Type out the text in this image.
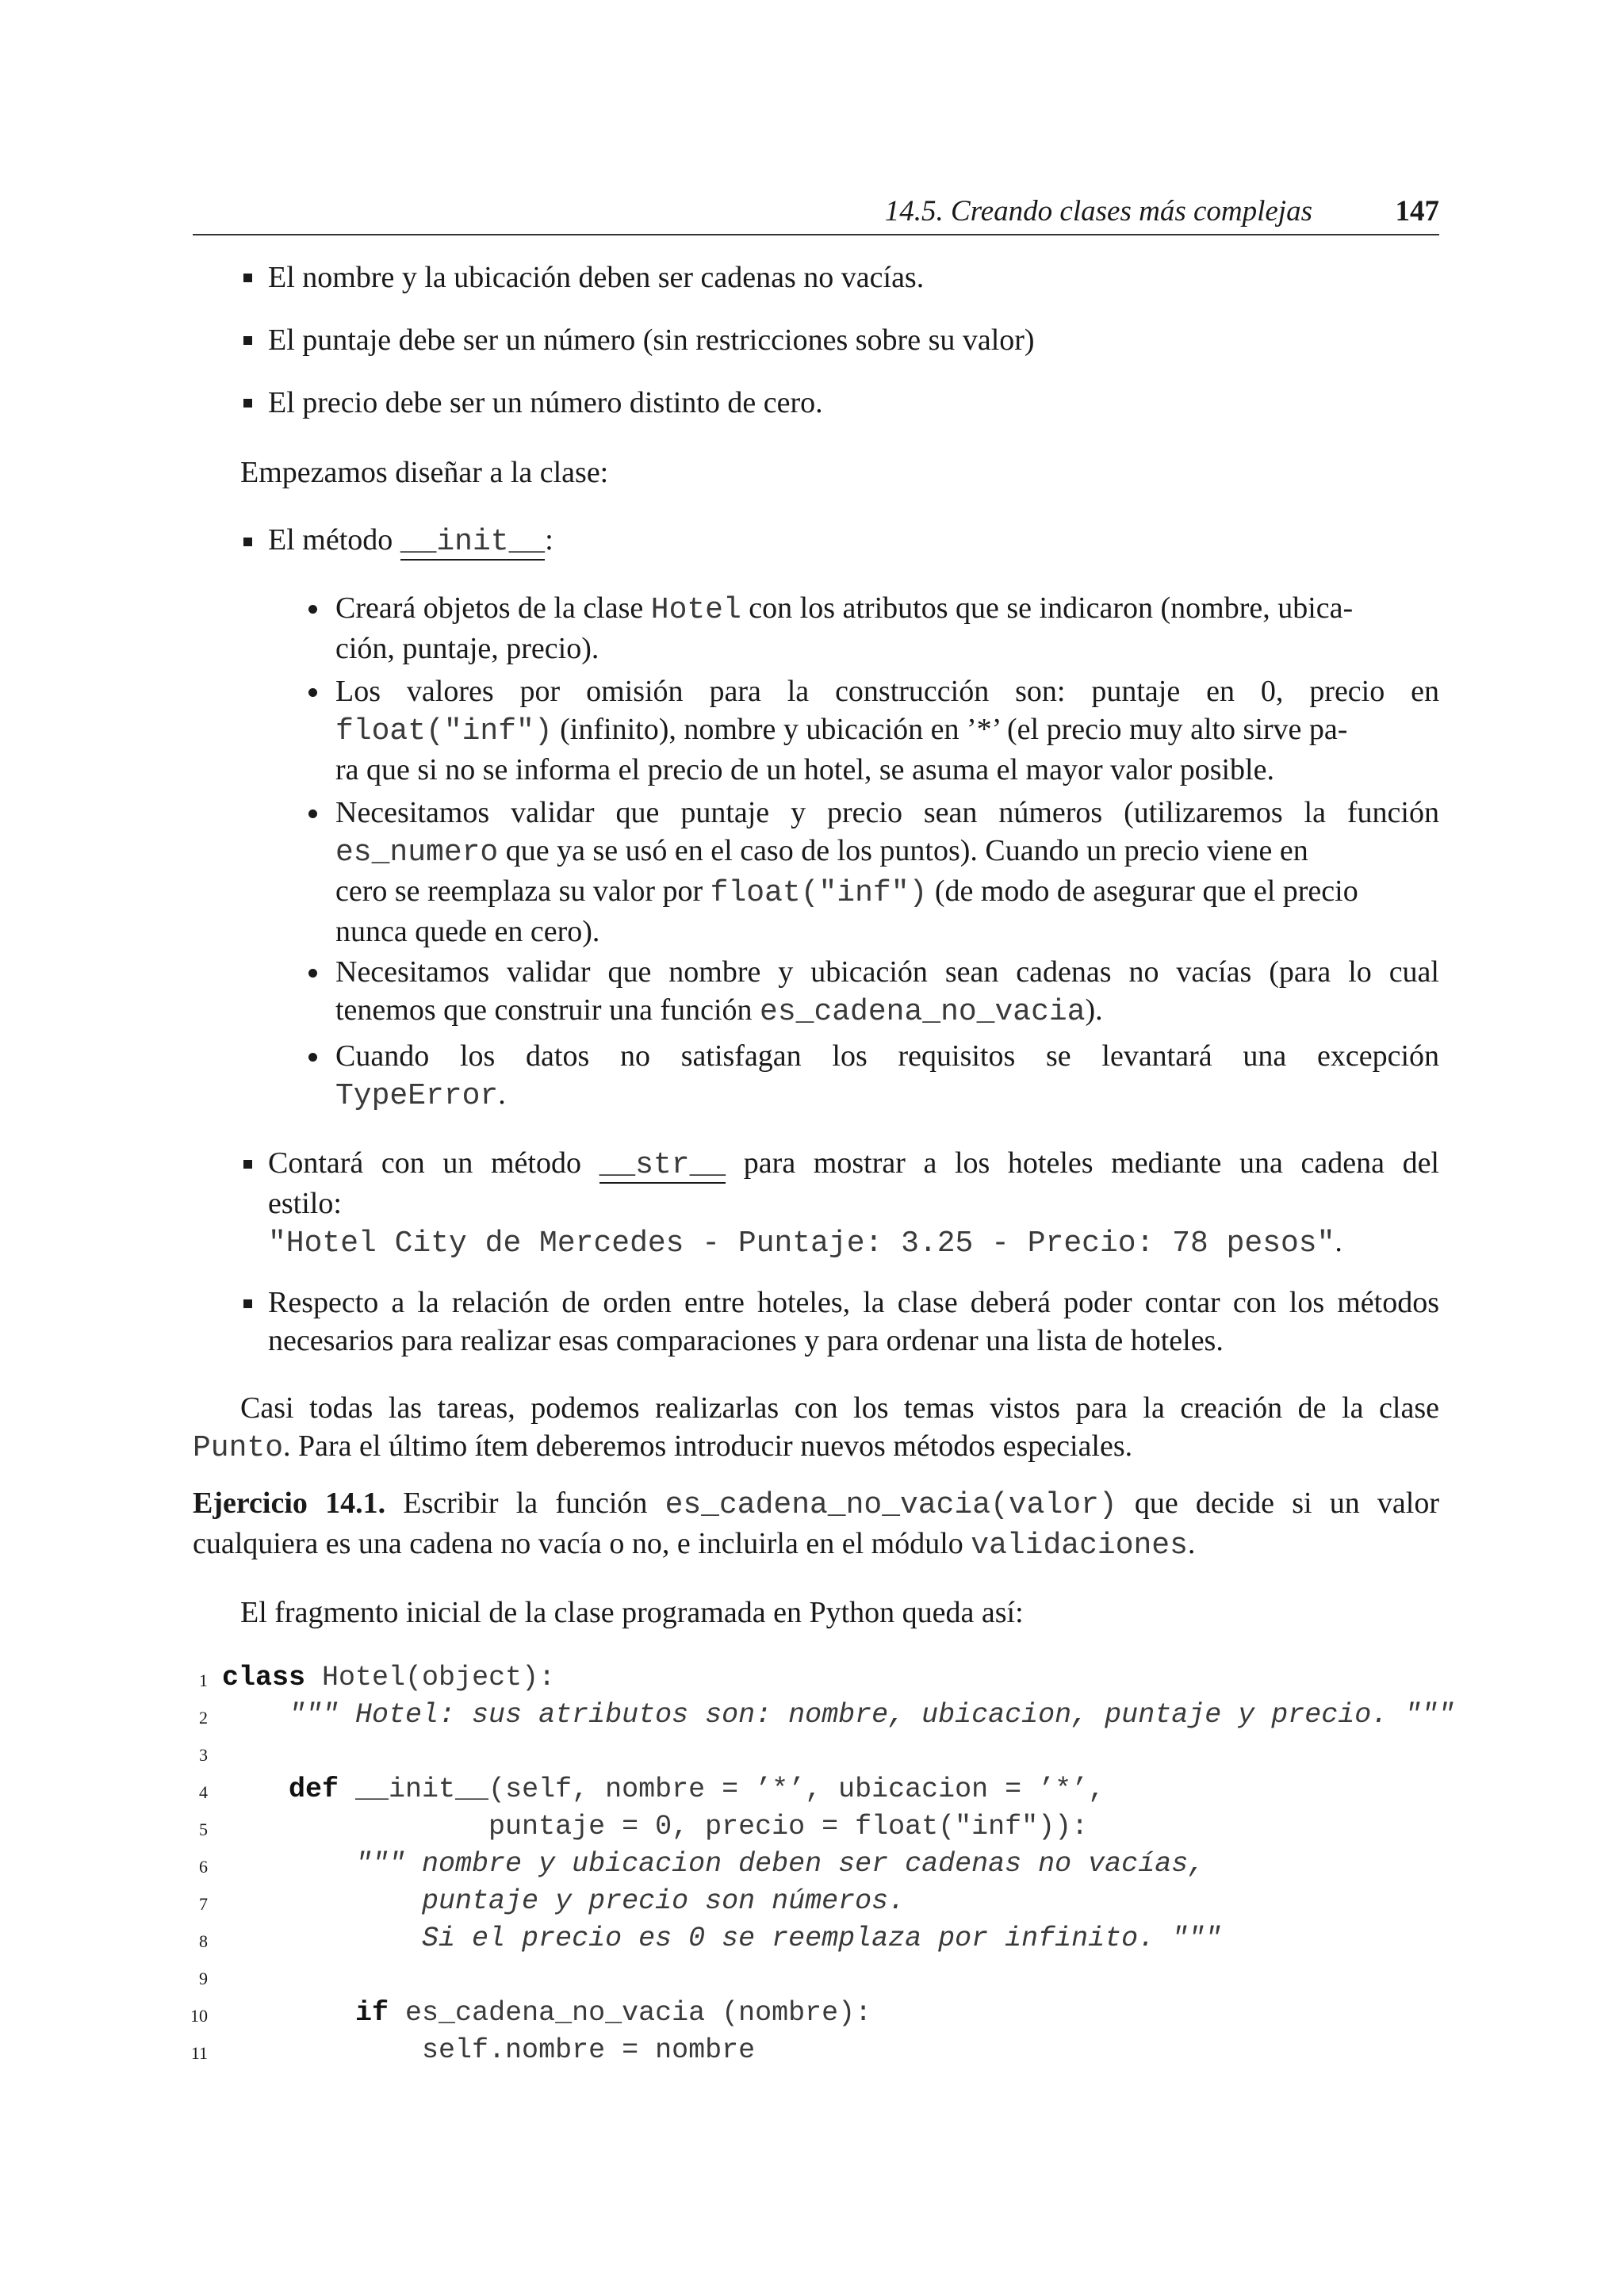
14.5. Creando clases más complejas	147
El nombre y la ubicación deben ser cadenas no vacías.
El puntaje debe ser un número (sin restricciones sobre su valor)
El precio debe ser un número distinto de cero.
Empezamos diseñar a la clase:
El método __init__:
Creará objetos de la clase Hotel con los atributos que se indicaron (nombre, ubica-
ción, puntaje, precio).
Los valores por omisión para la construcción son: puntaje en 0, precio en
float("inf") (infinito), nombre y ubicación en ’*’ (el precio muy alto sirve pa-
ra que si no se informa el precio de un hotel, se asuma el mayor valor posible.
Necesitamos validar que puntaje y precio sean números (utilizaremos la función
es_numero que ya se usó en el caso de los puntos). Cuando un precio viene en
cero se reemplaza su valor por float("inf") (de modo de asegurar que el precio
nunca quede en cero).
Necesitamos validar que nombre y ubicación sean cadenas no vacías (para lo cual
tenemos que construir una función es_cadena_no_vacia).
Cuando los datos no satisfagan los requisitos se levantará una excepción
TypeError.
Contará con un método __str__ para mostrar a los hoteles mediante una cadena del
estilo:
"Hotel City de Mercedes - Puntaje: 3.25 - Precio: 78 pesos".
Respecto a la relación de orden entre hoteles, la clase deberá poder contar con los métodos
necesarios para realizar esas comparaciones y para ordenar una lista de hoteles.
Casi todas las tareas, podemos realizarlas con los temas vistos para la creación de la clase
Punto. Para el último ítem deberemos introducir nuevos métodos especiales.
Ejercicio 14.1. Escribir la función es_cadena_no_vacia(valor) que decide si un valor
cualquiera es una cadena no vacía o no, e incluirla en el módulo validaciones.
El fragmento inicial de la clase programada en Python queda así:
1 class Hotel(object):
2 """ Hotel: sus atributos son: nombre, ubicacion, puntaje y precio. """
3
4	def __init__(self, nombre = ’*’, ubicacion = ’*’,
5 puntaje = 0, precio = float("inf")):
6 """ nombre y ubicacion deben ser cadenas no vacías,
7 puntaje y precio son números.
8 Si el precio es 0 se reemplaza por infinito. """
9
10	if es_cadena_no_vacia (nombre):
11 self.nombre = nombre
